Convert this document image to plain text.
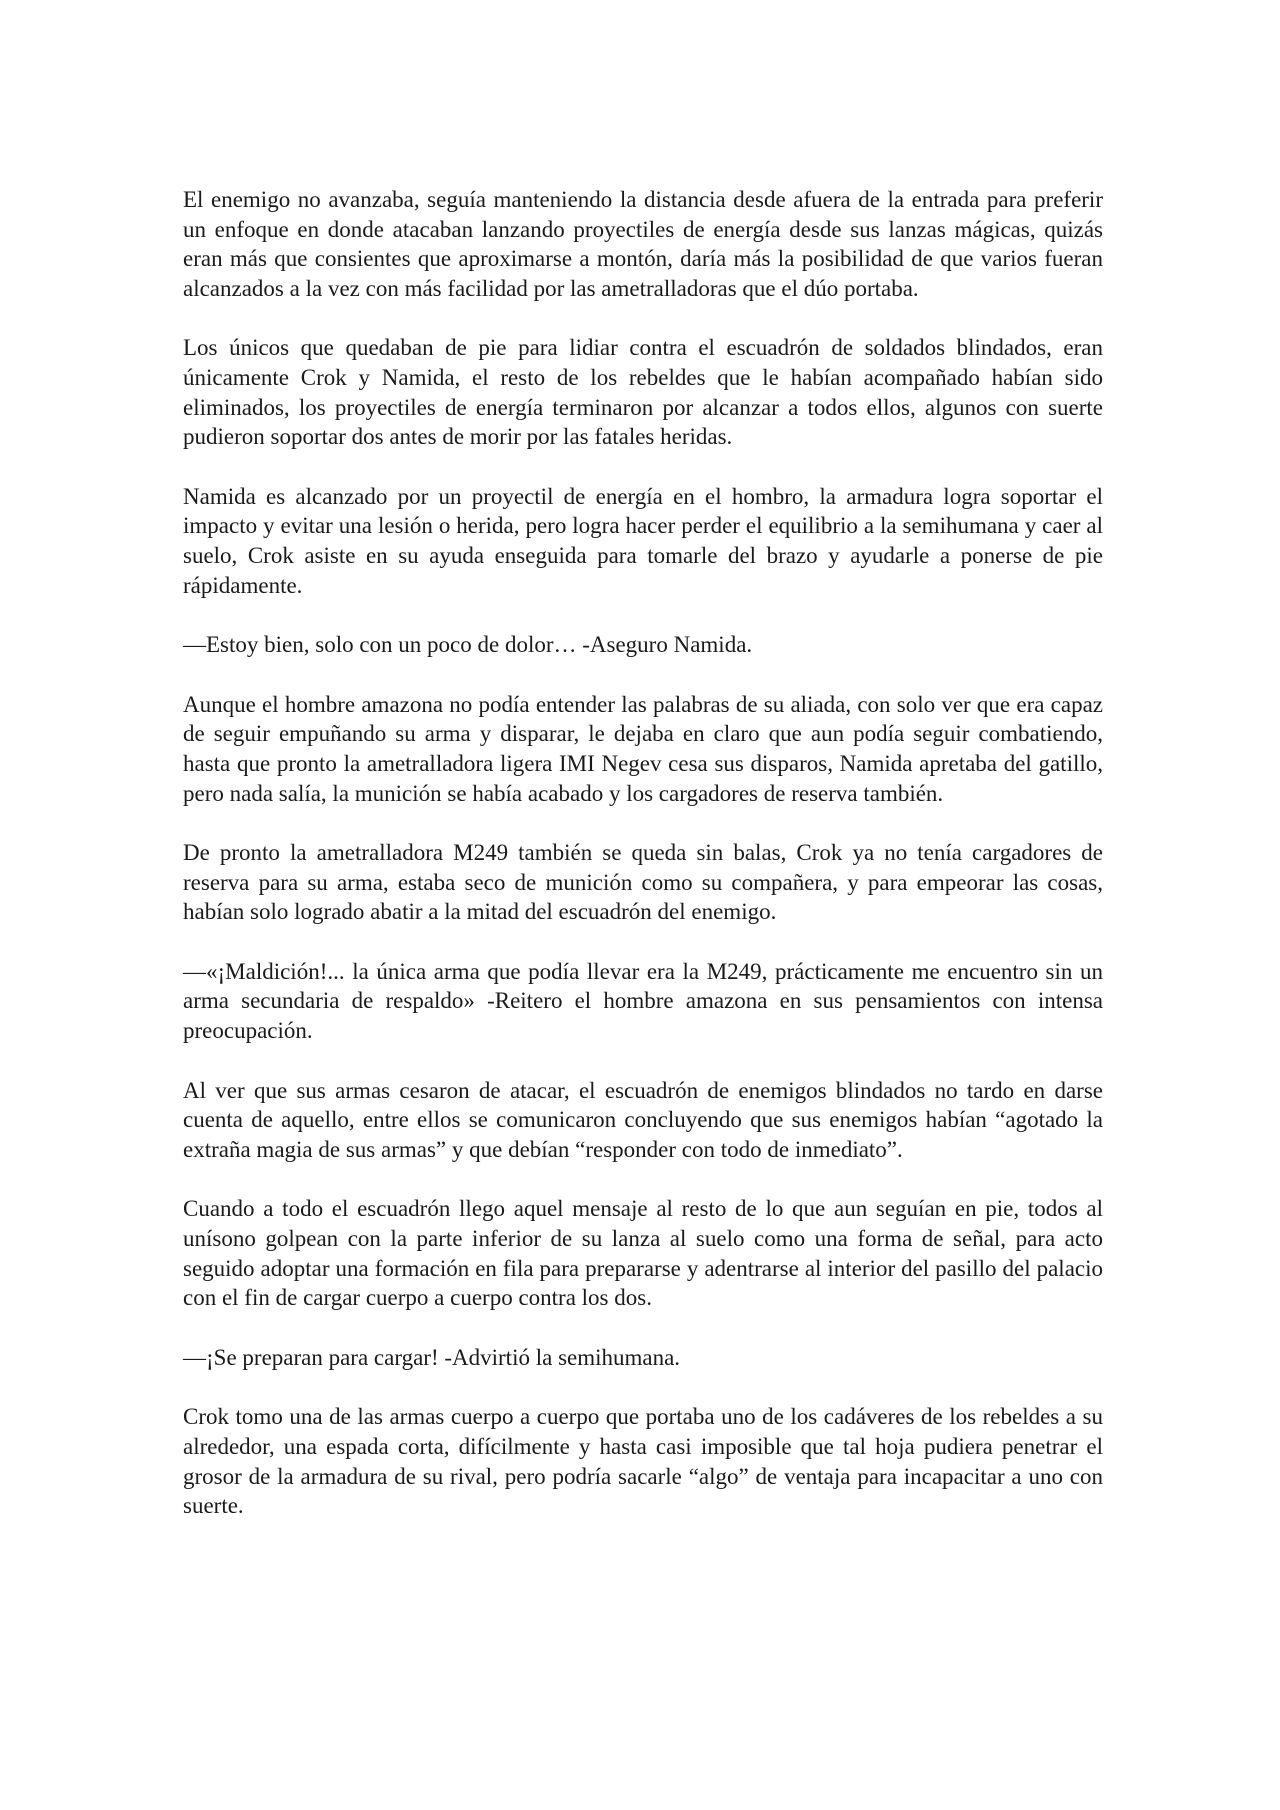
El enemigo no avanzaba, seguía manteniendo la distancia desde afuera de la entrada para preferir un enfoque en donde atacaban lanzando proyectiles de energía desde sus lanzas mágicas, quizás eran más que consientes que aproximarse a montón, daría más la posibilidad de que varios fueran alcanzados a la vez con más facilidad por las ametralladoras que el dúo portaba.

Los únicos que quedaban de pie para lidiar contra el escuadrón de soldados blindados, eran únicamente Crok y Namida, el resto de los rebeldes que le habían acompañado habían sido eliminados, los proyectiles de energía terminaron por alcanzar a todos ellos, algunos con suerte pudieron soportar dos antes de morir por las fatales heridas.

Namida es alcanzado por un proyectil de energía en el hombro, la armadura logra soportar el impacto y evitar una lesión o herida, pero logra hacer perder el equilibrio a la semihumana y caer al suelo, Crok asiste en su ayuda enseguida para tomarle del brazo y ayudarle a ponerse de pie rápidamente.

—Estoy bien, solo con un poco de dolor… -Aseguro Namida.

Aunque el hombre amazona no podía entender las palabras de su aliada, con solo ver que era capaz de seguir empuñando su arma y disparar, le dejaba en claro que aun podía seguir combatiendo, hasta que pronto la ametralladora ligera IMI Negev cesa sus disparos, Namida apretaba del gatillo, pero nada salía, la munición se había acabado y los cargadores de reserva también.

De pronto la ametralladora M249 también se queda sin balas, Crok ya no tenía cargadores de reserva para su arma, estaba seco de munición como su compañera, y para empeorar las cosas, habían solo logrado abatir a la mitad del escuadrón del enemigo.

—«¡Maldición!... la única arma que podía llevar era la M249, prácticamente me encuentro sin un arma secundaria de respaldo» -Reitero el hombre amazona en sus pensamientos con intensa preocupación.

Al ver que sus armas cesaron de atacar, el escuadrón de enemigos blindados no tardo en darse cuenta de aquello, entre ellos se comunicaron concluyendo que sus enemigos habían “agotado la extraña magia de sus armas” y que debían “responder con todo de inmediato”.

Cuando a todo el escuadrón llego aquel mensaje al resto de lo que aun seguían en pie, todos al unísono golpean con la parte inferior de su lanza al suelo como una forma de señal, para acto seguido adoptar una formación en fila para prepararse y adentrarse al interior del pasillo del palacio con el fin de cargar cuerpo a cuerpo contra los dos.

—¡Se preparan para cargar! -Advirtió la semihumana.

Crok tomo una de las armas cuerpo a cuerpo que portaba uno de los cadáveres de los rebeldes a su alrededor, una espada corta, difícilmente y hasta casi imposible que tal hoja pudiera penetrar el grosor de la armadura de su rival, pero podría sacarle “algo” de ventaja para incapacitar a uno con suerte.
